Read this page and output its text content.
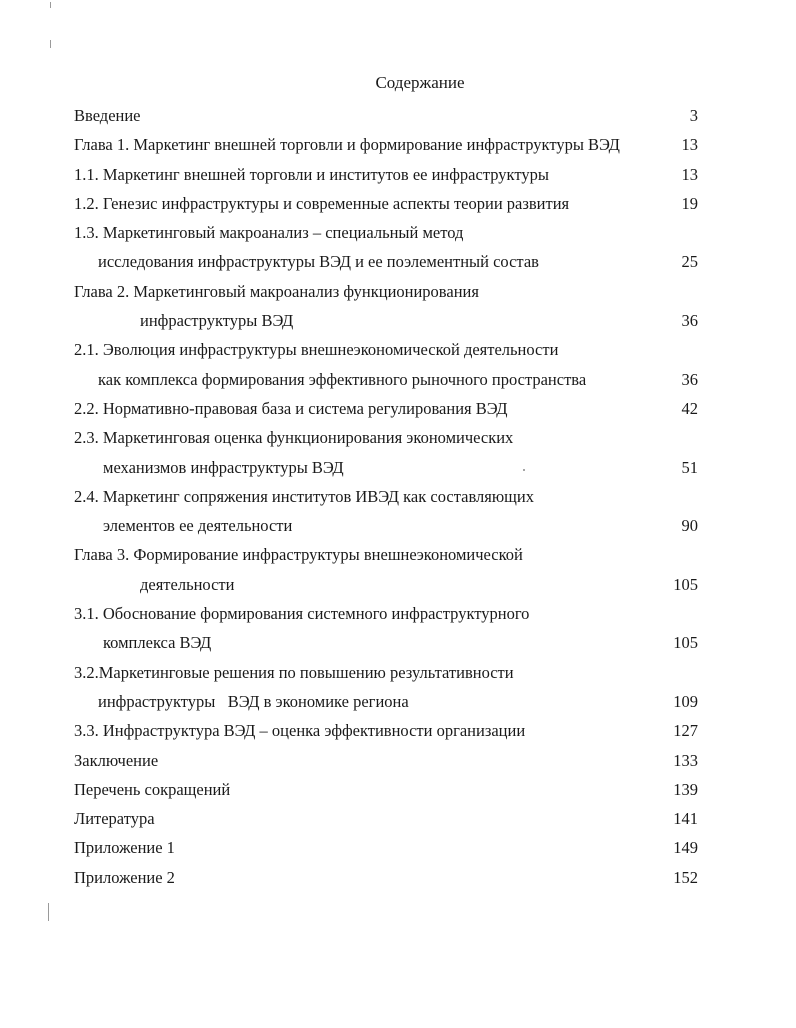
Содержание
Введение	3
Глава 1. Маркетинг внешней торговли и формирование инфраструктуры ВЭД	13
1.1. Маркетинг внешней торговли и институтов ее инфраструктуры	13
1.2. Генезис инфраструктуры и современные аспекты теории развития	19
1.3. Маркетинговый макроанализ – специальный метод
исследования инфраструктуры ВЭД и ее поэлементный состав	25
Глава 2. Маркетинговый макроанализ функционирования
инфраструктуры ВЭД	36
2.1. Эволюция инфраструктуры внешнеэкономической деятельности
как комплекса формирования эффективного рыночного пространства	36
2.2. Нормативно-правовая база и система регулирования ВЭД	42
2.3. Маркетинговая оценка функционирования экономических
механизмов инфраструктуры ВЭД	51
2.4. Маркетинг сопряжения институтов ИВЭД как составляющих
элементов ее деятельности	90
Глава 3. Формирование инфраструктуры внешнеэкономической
деятельности	105
3.1. Обоснование формирования системного инфраструктурного
комплекса ВЭД	105
3.2.Маркетинговые решения по повышению результативности
инфраструктуры   ВЭД в экономике региона	109
3.3. Инфраструктура ВЭД – оценка эффективности организации	127
Заключение	133
Перечень сокращений	139
Литература	141
Приложение 1	149
Приложение 2	152
